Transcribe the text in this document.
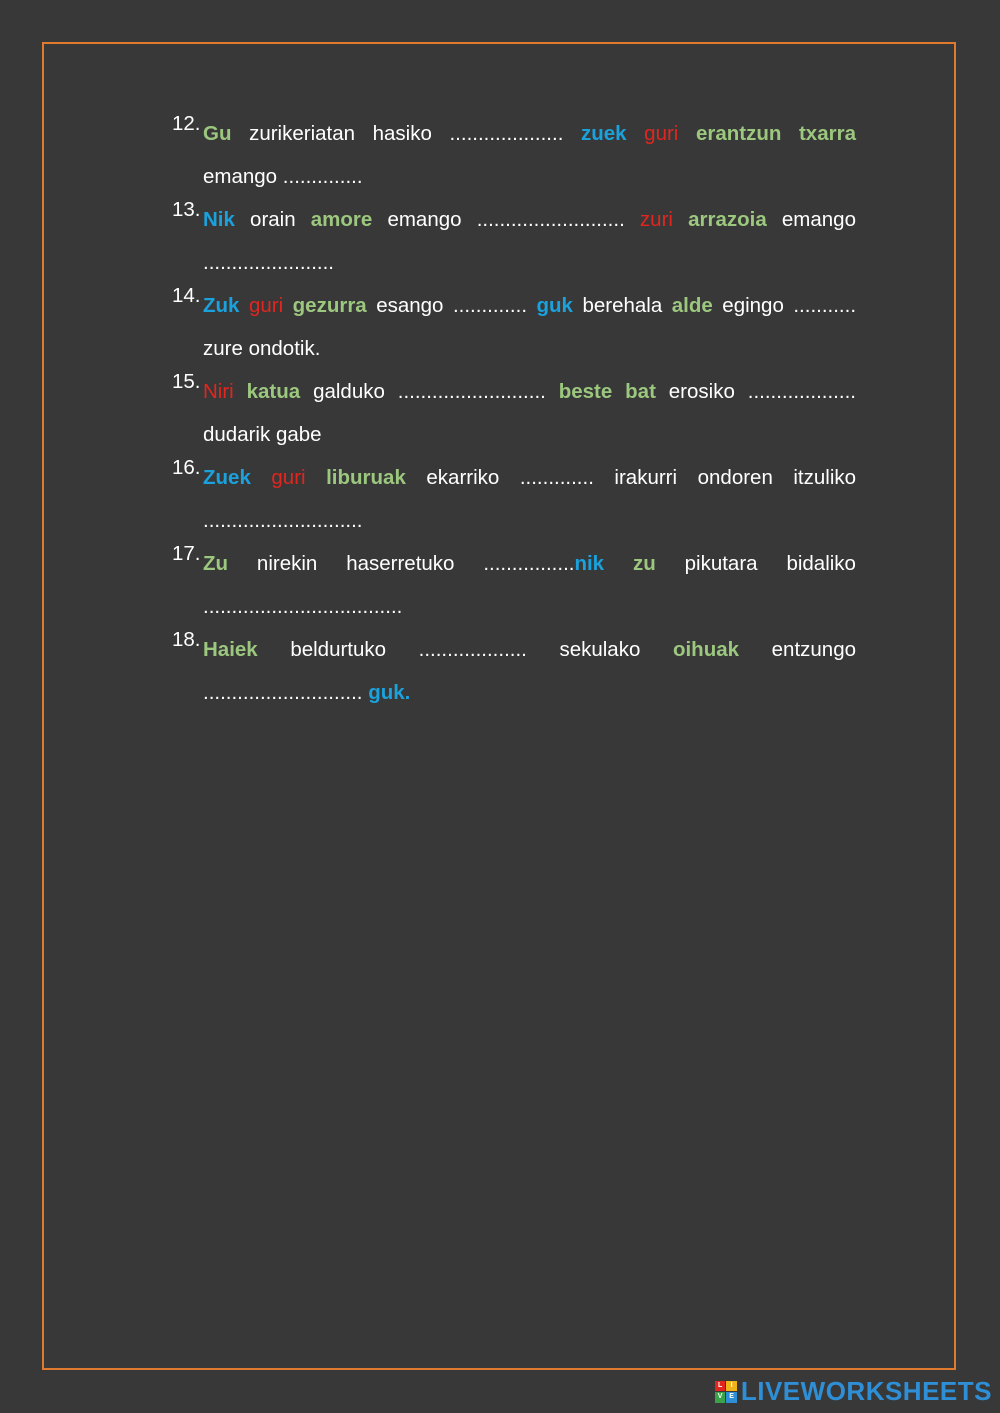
12. Gu zurikeriatan hasiko .................... zuek guri erantzun txarra
emango ..............
13. Nik orain amore emango .......................... zuri arrazoia emango
.......................
14. Zuk guri gezurra esango ............. guk berehala alde egingo ...........
zure ondotik.
15. Niri katua galduko .......................... beste bat erosiko ...................
dudarik gabe
16. Zuek guri liburuak ekarriko ............. irakurri ondoren itzuliko
............................
17. Zu nirekin haserretuko ................nik zu pikutara bidaliko
...................................
18. Haiek beldurtuko ................... sekulako oihuak entzungo
............................ guk.
L	I
V E LIVEWORKSHEETS
